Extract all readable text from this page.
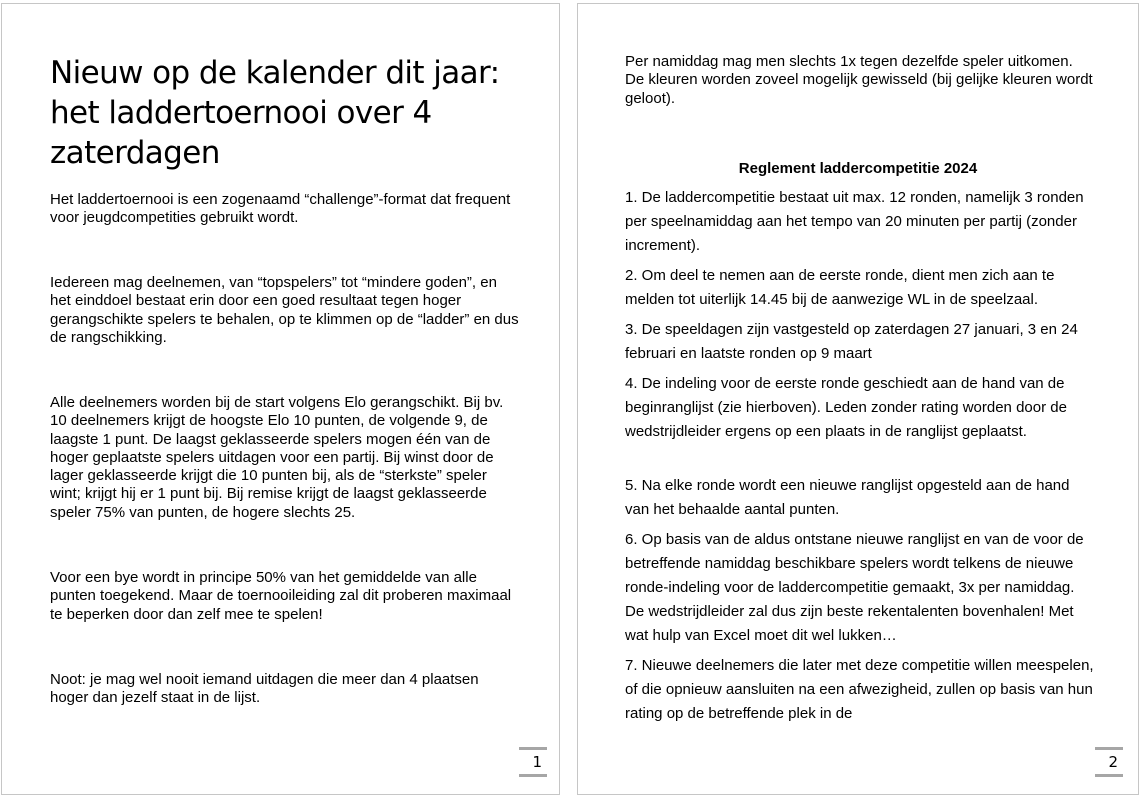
Nieuw op de kalender dit jaar: het laddertoernooi over 4 zaterdagen

Het laddertoernooi is een zogenaamd “challenge”-format dat frequent voor jeugdcompetities gebruikt wordt.

Iedereen mag deelnemen, van “topspelers” tot “mindere goden”, en het einddoel bestaat erin door een goed resultaat tegen hoger gerangschikte spelers te behalen, op te klimmen op de “ladder” en dus de rangschikking.

Alle deelnemers worden bij de start volgens Elo gerangschikt. Bij bv. 10 deelnemers krijgt de hoogste Elo 10 punten, de volgende 9, de laagste 1 punt. De laagst geklasseerde spelers mogen één van de hoger geplaatste spelers uitdagen voor een partij. Bij winst door de lager geklasseerde krijgt die 10 punten bij, als de “sterkste” speler wint; krijgt hij er 1 punt bij. Bij remise krijgt de laagst geklasseerde speler 75% van punten, de hogere slechts 25.

Voor een bye wordt in principe 50% van het gemiddelde van alle punten toegekend. Maar de toernooileiding zal dit proberen maximaal te beperken door dan zelf mee te spelen!

Noot: je mag wel nooit iemand uitdagen die meer dan 4 plaatsen hoger dan jezelf staat in de lijst.

1

Per namiddag mag men slechts 1x tegen dezelfde speler uitkomen. De kleuren worden zoveel mogelijk gewisseld (bij gelijke kleuren wordt geloot).

Reglement laddercompetitie 2024

1. De laddercompetitie bestaat uit max. 12 ronden, namelijk 3 ronden per speelnamiddag aan het tempo van 20 minuten per partij (zonder increment).

2. Om deel te nemen aan de eerste ronde, dient men zich aan te melden tot uiterlijk 14.45 bij de aanwezige WL in de speelzaal.

3. De speeldagen zijn vastgesteld op zaterdagen 27 januari, 3 en 24 februari en laatste ronden op 9 maart

4. De indeling voor de eerste ronde geschiedt aan de hand van de beginranglijst (zie hierboven). Leden zonder rating worden door de wedstrijdleider ergens op een plaats in de ranglijst geplaatst.

5. Na elke ronde wordt een nieuwe ranglijst opgesteld aan de hand van het behaalde aantal punten.

6. Op basis van de aldus ontstane nieuwe ranglijst en van de voor de betreffende namiddag beschikbare spelers wordt telkens de nieuwe ronde-indeling voor de laddercompetitie gemaakt, 3x per namiddag. De wedstrijdleider zal dus zijn beste rekentalenten bovenhalen! Met wat hulp van Excel moet dit wel lukken…

7. Nieuwe deelnemers die later met deze competitie willen meespelen, of die opnieuw aansluiten na een afwezigheid, zullen op basis van hun rating op de betreffende plek in de

2
